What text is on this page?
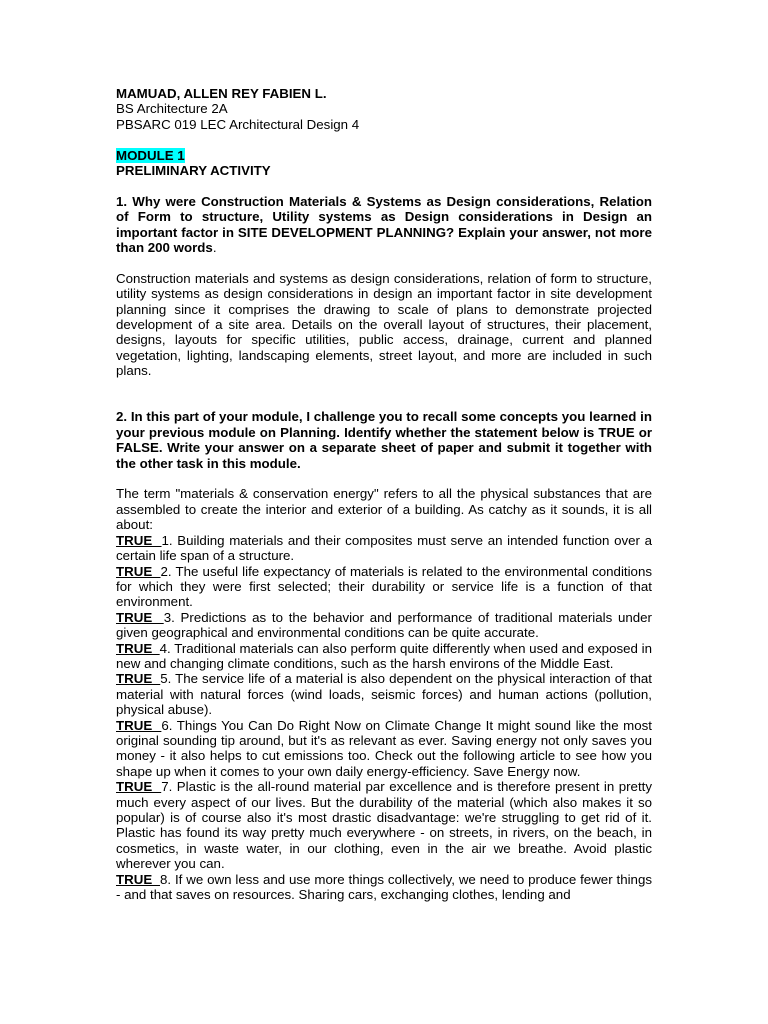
MAMUAD, ALLEN REY FABIEN L.

BS Architecture 2A

PBSARC 019 LEC Architectural Design 4

MODULE 1

PRELIMINARY ACTIVITY

1. Why were Construction Materials & Systems as Design considerations, Relation of Form to structure, Utility systems as Design considerations in Design an important factor in SITE DEVELOPMENT PLANNING? Explain your answer, not more than 200 words.

Construction materials and systems as design considerations, relation of form to structure, utility systems as design considerations in design an important factor in site development planning since it comprises the drawing to scale of plans to demonstrate projected development of a site area. Details on the overall layout of structures, their placement, designs, layouts for specific utilities, public access, drainage, current and planned vegetation, lighting, landscaping elements, street layout, and more are included in such plans.

2. In this part of your module, I challenge you to recall some concepts you learned in your previous module on Planning. Identify whether the statement below is TRUE or FALSE. Write your answer on a separate sheet of paper and submit it together with the other task in this module.

The term "materials & conservation energy" refers to all the physical substances that are assembled to create the interior and exterior of a building. As catchy as it sounds, it is all about:

TRUE  1. Building materials and their composites must serve an intended function over a certain life span of a structure.

TRUE  2. The useful life expectancy of materials is related to the environmental conditions for which they were first selected; their durability or service life is a function of that environment.

TRUE  3. Predictions as to the behavior and performance of traditional materials under given geographical and environmental conditions can be quite accurate.

TRUE  4. Traditional materials can also perform quite differently when used and exposed in new and changing climate conditions, such as the harsh environs of the Middle East.

TRUE  5. The service life of a material is also dependent on the physical interaction of that material with natural forces (wind loads, seismic forces) and human actions (pollution, physical abuse).

TRUE  6. Things You Can Do Right Now on Climate Change It might sound like the most original sounding tip around, but it's as relevant as ever. Saving energy not only saves you money - it also helps to cut emissions too. Check out the following article to see how you shape up when it comes to your own daily energy-efficiency. Save Energy now.

TRUE  7. Plastic is the all-round material par excellence and is therefore present in pretty much every aspect of our lives. But the durability of the material (which also makes it so popular) is of course also it's most drastic disadvantage: we're struggling to get rid of it. Plastic has found its way pretty much everywhere - on streets, in rivers, on the beach, in cosmetics, in waste water, in our clothing, even in the air we breathe. Avoid plastic wherever you can.

TRUE  8. If we own less and use more things collectively, we need to produce fewer things - and that saves on resources. Sharing cars, exchanging clothes, lending and
